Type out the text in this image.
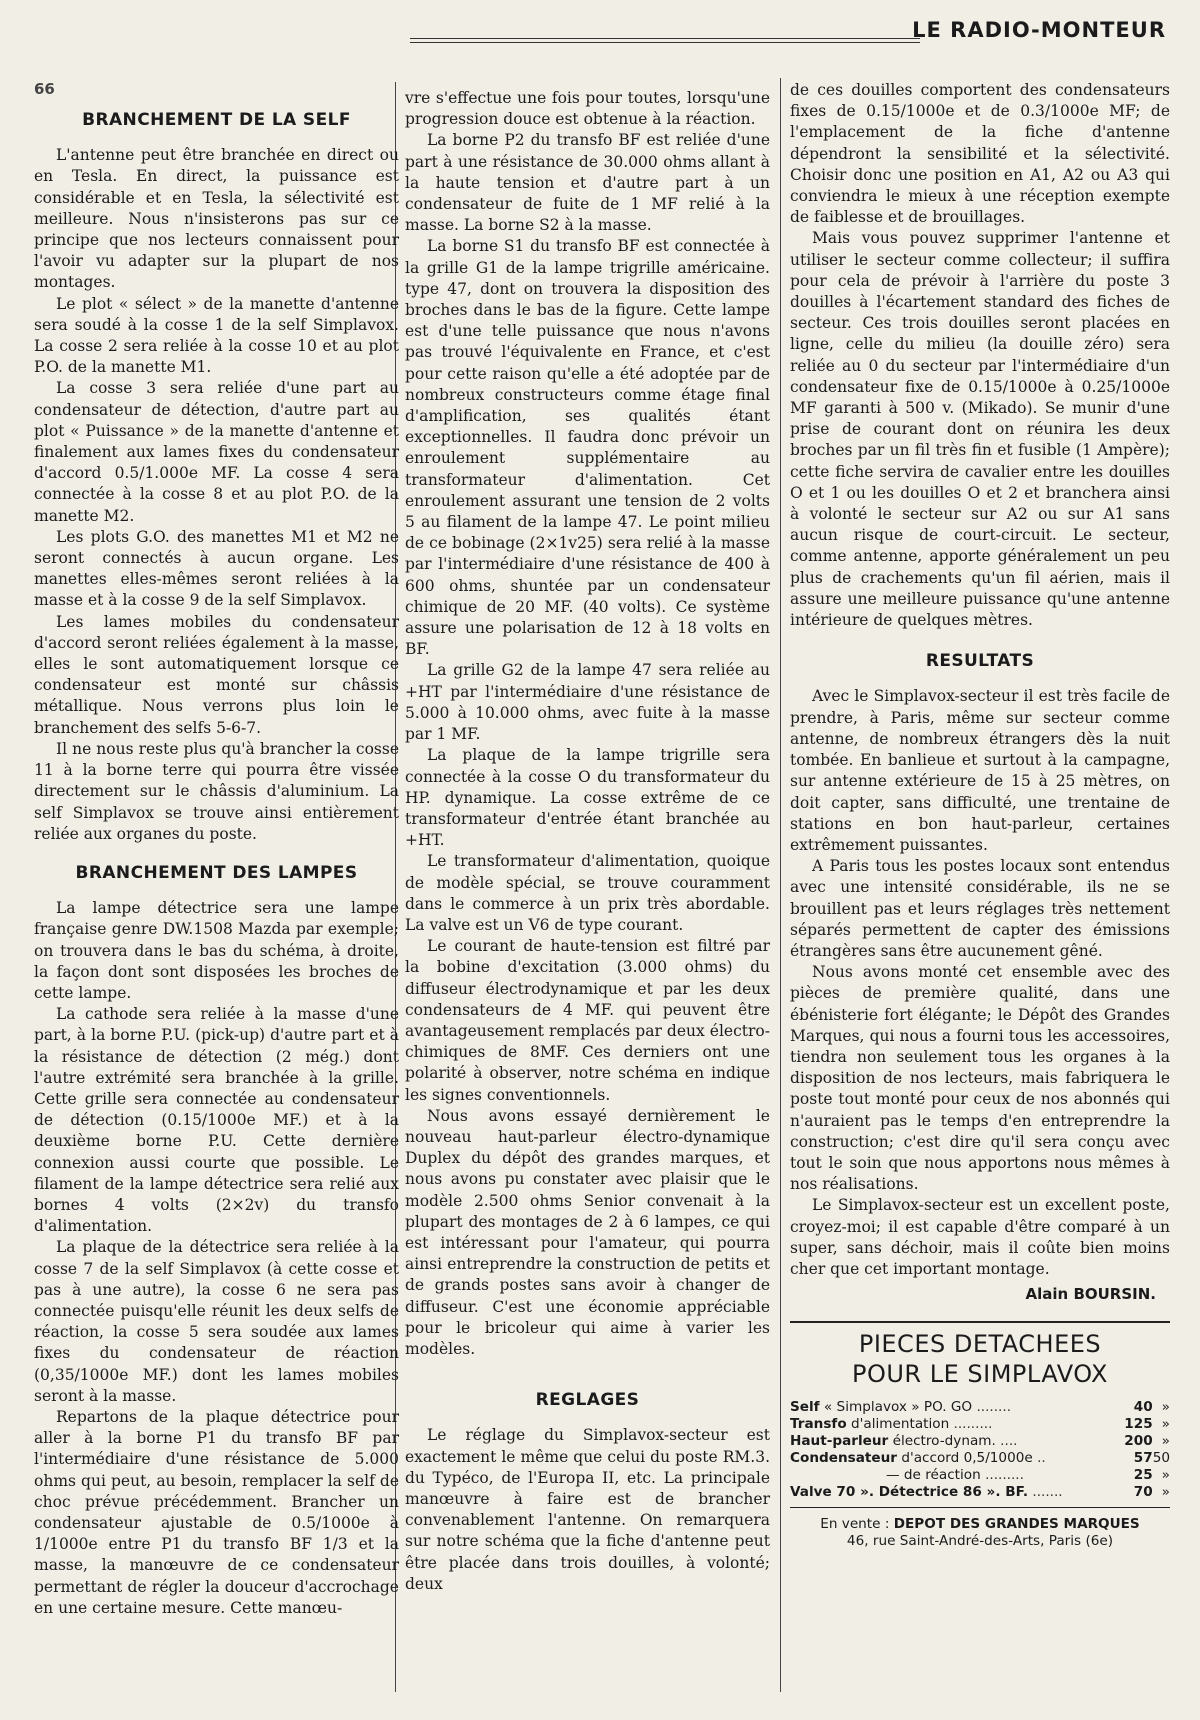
LE RADIO-MONTEUR
66
BRANCHEMENT DE LA SELF

L'antenne peut être branchée en direct ou en Tesla. En direct, la puissance est considérable et en Tesla, la sélectivité est meilleure. Nous n'insisterons pas sur ce principe que nos lecteurs connaissent pour l'avoir vu adapter sur la plupart de nos montages.

Le plot « sélect » de la manette d'antenne sera soudé à la cosse 1 de la self Simplavox. La cosse 2 sera reliée à la cosse 10 et au plot P.O. de la manette M1.

La cosse 3 sera reliée d'une part au condensateur de détection, d'autre part au plot « Puissance » de la manette d'antenne et finalement aux lames fixes du condensateur d'accord 0.5/1.000e MF. La cosse 4 sera connectée à la cosse 8 et au plot P.O. de la manette M2.

Les plots G.O. des manettes M1 et M2 ne seront connectés à aucun organe. Les manettes elles-mêmes seront reliées à la masse et à la cosse 9 de la self Simplavox.

Les lames mobiles du condensateur d'accord seront reliées également à la masse, elles le sont automatiquement lorsque ce condensateur est monté sur châssis métallique. Nous verrons plus loin le branchement des selfs 5-6-7.

Il ne nous reste plus qu'à brancher la cosse 11 à la borne terre qui pourra être vissée directement sur le châssis d'aluminium. La self Simplavox se trouve ainsi entièrement reliée aux organes du poste.

BRANCHEMENT DES LAMPES

La lampe détectrice sera une lampe française genre DW.1508 Mazda par exemple; on trouvera dans le bas du schéma, à droite, la façon dont sont disposées les broches de cette lampe.

La cathode sera reliée à la masse d'une part, à la borne P.U. (pick-up) d'autre part et à la résistance de détection (2 még.) dont l'autre extrémité sera branchée à la grille. Cette grille sera connectée au condensateur de détection (0.15/1000e MF.) et à la deuxième borne P.U. Cette dernière connexion aussi courte que possible. Le filament de la lampe détectrice sera relié aux bornes 4 volts (2×2v) du transfo d'alimentation.

La plaque de la détectrice sera reliée à la cosse 7 de la self Simplavox (à cette cosse et pas à une autre), la cosse 6 ne sera pas connectée puisqu'elle réunit les deux selfs de réaction, la cosse 5 sera soudée aux lames fixes du condensateur de réaction (0,35/1000e MF.) dont les lames mobiles seront à la masse.

Repartons de la plaque détectrice pour aller à la borne P1 du transfo BF par l'intermédiaire d'une résistance de 5.000 ohms qui peut, au besoin, remplacer la self de choc prévue précédemment. Brancher un condensateur ajustable de 0.5/1000e à 1/1000e entre P1 du transfo BF 1/3 et la masse, la manœuvre de ce condensateur permettant de régler la douceur d'accrochage en une certaine mesure. Cette manœu-

vre s'effectue une fois pour toutes, lorsqu'une progression douce est obtenue à la réaction.

La borne P2 du transfo BF est reliée d'une part à une résistance de 30.000 ohms allant à la haute tension et d'autre part à un condensateur de fuite de 1 MF relié à la masse. La borne S2 à la masse.

La borne S1 du transfo BF est connectée à la grille G1 de la lampe trigrille américaine. type 47, dont on trouvera la disposition des broches dans le bas de la figure. Cette lampe est d'une telle puissance que nous n'avons pas trouvé l'équivalente en France, et c'est pour cette raison qu'elle a été adoptée par de nombreux constructeurs comme étage final d'amplification, ses qualités étant exceptionnelles. Il faudra donc prévoir un enroulement supplémentaire au transformateur d'alimentation. Cet enroulement assurant une tension de 2 volts 5 au filament de la lampe 47. Le point milieu de ce bobinage (2×1v25) sera relié à la masse par l'intermédiaire d'une résistance de 400 à 600 ohms, shuntée par un condensateur chimique de 20 MF. (40 volts). Ce système assure une polarisation de 12 à 18 volts en BF.

La grille G2 de la lampe 47 sera reliée au +HT par l'intermédiaire d'une résistance de 5.000 à 10.000 ohms, avec fuite à la masse par 1 MF.

La plaque de la lampe trigrille sera connectée à la cosse O du transformateur du HP. dynamique. La cosse extrême de ce transformateur d'entrée étant branchée au +HT.

Le transformateur d'alimentation, quoique de modèle spécial, se trouve couramment dans le commerce à un prix très abordable. La valve est un V6 de type courant.

Le courant de haute-tension est filtré par la bobine d'excitation (3.000 ohms) du diffuseur électrodynamique et par les deux condensateurs de 4 MF. qui peuvent être avantageusement remplacés par deux électro-chimiques de 8MF. Ces derniers ont une polarité à observer, notre schéma en indique les signes conventionnels.

Nous avons essayé dernièrement le nouveau haut-parleur électro-dynamique Duplex du dépôt des grandes marques, et nous avons pu constater avec plaisir que le modèle 2.500 ohms Senior convenait à la plupart des montages de 2 à 6 lampes, ce qui est intéressant pour l'amateur, qui pourra ainsi entreprendre la construction de petits et de grands postes sans avoir à changer de diffuseur. C'est une économie appréciable pour le bricoleur qui aime à varier les modèles.

REGLAGES

Le réglage du Simplavox-secteur est exactement le même que celui du poste RM.3. du Typéco, de l'Europa II, etc. La principale manœuvre à faire est de brancher convenablement l'antenne. On remarquera sur notre schéma que la fiche d'antenne peut être placée dans trois douilles, à volonté; deux

de ces douilles comportent des condensateurs fixes de 0.15/1000e et de 0.3/1000e MF; de l'emplacement de la fiche d'antenne dépendront la sensibilité et la sélectivité. Choisir donc une position en A1, A2 ou A3 qui conviendra le mieux à une réception exempte de faiblesse et de brouillages.

Mais vous pouvez supprimer l'antenne et utiliser le secteur comme collecteur; il suffira pour cela de prévoir à l'arrière du poste 3 douilles à l'écartement standard des fiches de secteur. Ces trois douilles seront placées en ligne, celle du milieu (la douille zéro) sera reliée au 0 du secteur par l'intermédiaire d'un condensateur fixe de 0.15/1000e à 0.25/1000e MF garanti à 500 v. (Mikado). Se munir d'une prise de courant dont on réunira les deux broches par un fil très fin et fusible (1 Ampère); cette fiche servira de cavalier entre les douilles O et 1 ou les douilles O et 2 et branchera ainsi à volonté le secteur sur A2 ou sur A1 sans aucun risque de court-circuit. Le secteur, comme antenne, apporte généralement un peu plus de crachements qu'un fil aérien, mais il assure une meilleure puissance qu'une antenne intérieure de quelques mètres.

RESULTATS

Avec le Simplavox-secteur il est très facile de prendre, à Paris, même sur secteur comme antenne, de nombreux étrangers dès la nuit tombée. En banlieue et surtout à la campagne, sur antenne extérieure de 15 à 25 mètres, on doit capter, sans difficulté, une trentaine de stations en bon haut-parleur, certaines extrêmement puissantes.

A Paris tous les postes locaux sont entendus avec une intensité considérable, ils ne se brouillent pas et leurs réglages très nettement séparés permettent de capter des émissions étrangères sans être aucunement gêné.

Nous avons monté cet ensemble avec des pièces de première qualité, dans une ébénisterie fort élégante; le Dépôt des Grandes Marques, qui nous a fourni tous les accessoires, tiendra non seulement tous les organes à la disposition de nos lecteurs, mais fabriquera le poste tout monté pour ceux de nos abonnés qui n'auraient pas le temps d'en entreprendre la construction; c'est dire qu'il sera conçu avec tout le soin que nous apportons nous mêmes à nos réalisations.

Le Simplavox-secteur est un excellent poste, croyez-moi; il est capable d'être comparé à un super, sans déchoir, mais il coûte bien moins cher que cet important montage.

Alain BOURSIN.
PIECES DETACHEES
POUR LE SIMPLAVOX
Self « Simplavox » PO. GO ........	40	»
Transfo d'alimentation .........	125	»
Haut-parleur électro-dynam. ....	200	»
Condensateur d'accord 0,5/1000e ..	57	50
— de réaction .........	25	»
Valve 70 ». Détectrice 86 ». BF. .......	70	»
En vente : DEPOT DES GRANDES MARQUES
46, rue Saint-André-des-Arts, Paris (6e)
